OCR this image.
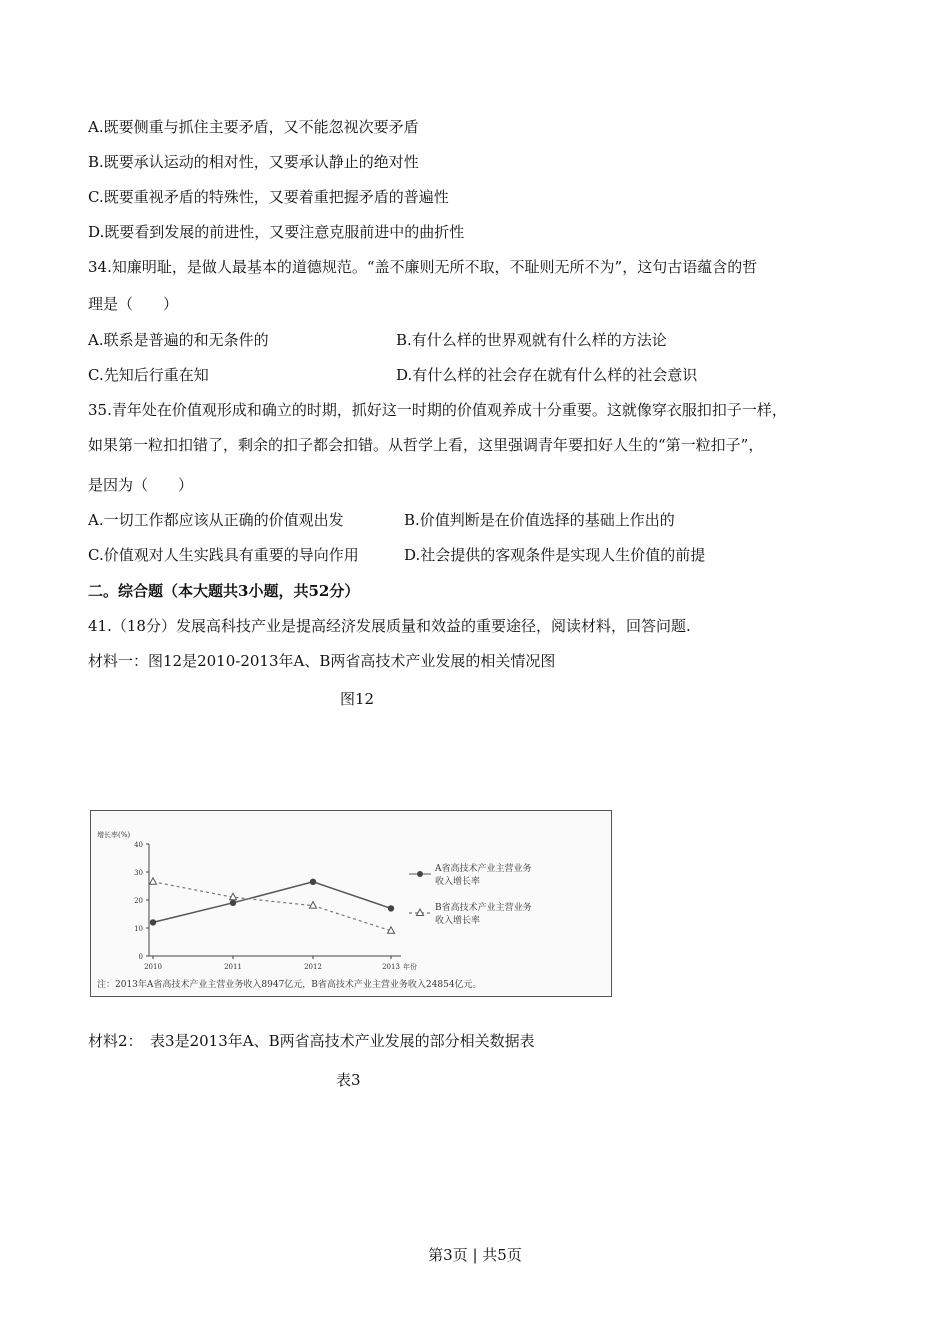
A.既要侧重与抓住主要矛盾，又不能忽视次要矛盾
B.既要承认运动的相对性，又要承认静止的绝对性
C.既要重视矛盾的特殊性，又要着重把握矛盾的普遍性
D.既要看到发展的前进性，又要注意克服前进中的曲折性
34.知廉明耻，是做人最基本的道德规范。“盖不廉则无所不取，不耻则无所不为”，这句古语蕴含的哲
理是（　　）
A.联系是普遍的和无条件的	B.有什么样的世界观就有什么样的方法论
C.先知后行重在知	D.有什么样的社会存在就有什么样的社会意识
35.青年处在价值观形成和确立的时期，抓好这一时期的价值观养成十分重要。这就像穿衣服扣扣子一样，
如果第一粒扣扣错了，剩余的扣子都会扣错。从哲学上看，这里强调青年要扣好人生的“第一粒扣子”，
是因为（　　）
A.一切工作都应该从正确的价值观出发	B.价值判断是在价值选择的基础上作出的
C.价值观对人生实践具有重要的导向作用	D.社会提供的客观条件是实现人生价值的前提
二。综合题（本大题共3小题，共52分）
41.（18分）发展高科技产业是提高经济发展质量和效益的重要途径，阅读材料，回答问题.
材料一：图12是2010-2013年A、B两省高技术产业发展的相关情况图
图12
增长率(%)
0
10
20
30
40
2010	2011	2012	2013 年份
注：2013年A省高技术产业主营业务收入8947亿元，B省高技术产业主营业务收入24854亿元。
A省高技术产业主营业务
收入增长率
B省高技术产业主营业务
收入增长率
材料2：　表3是2013年A、B两省高技术产业发展的部分相关数据表
表3
第3页 | 共5页
